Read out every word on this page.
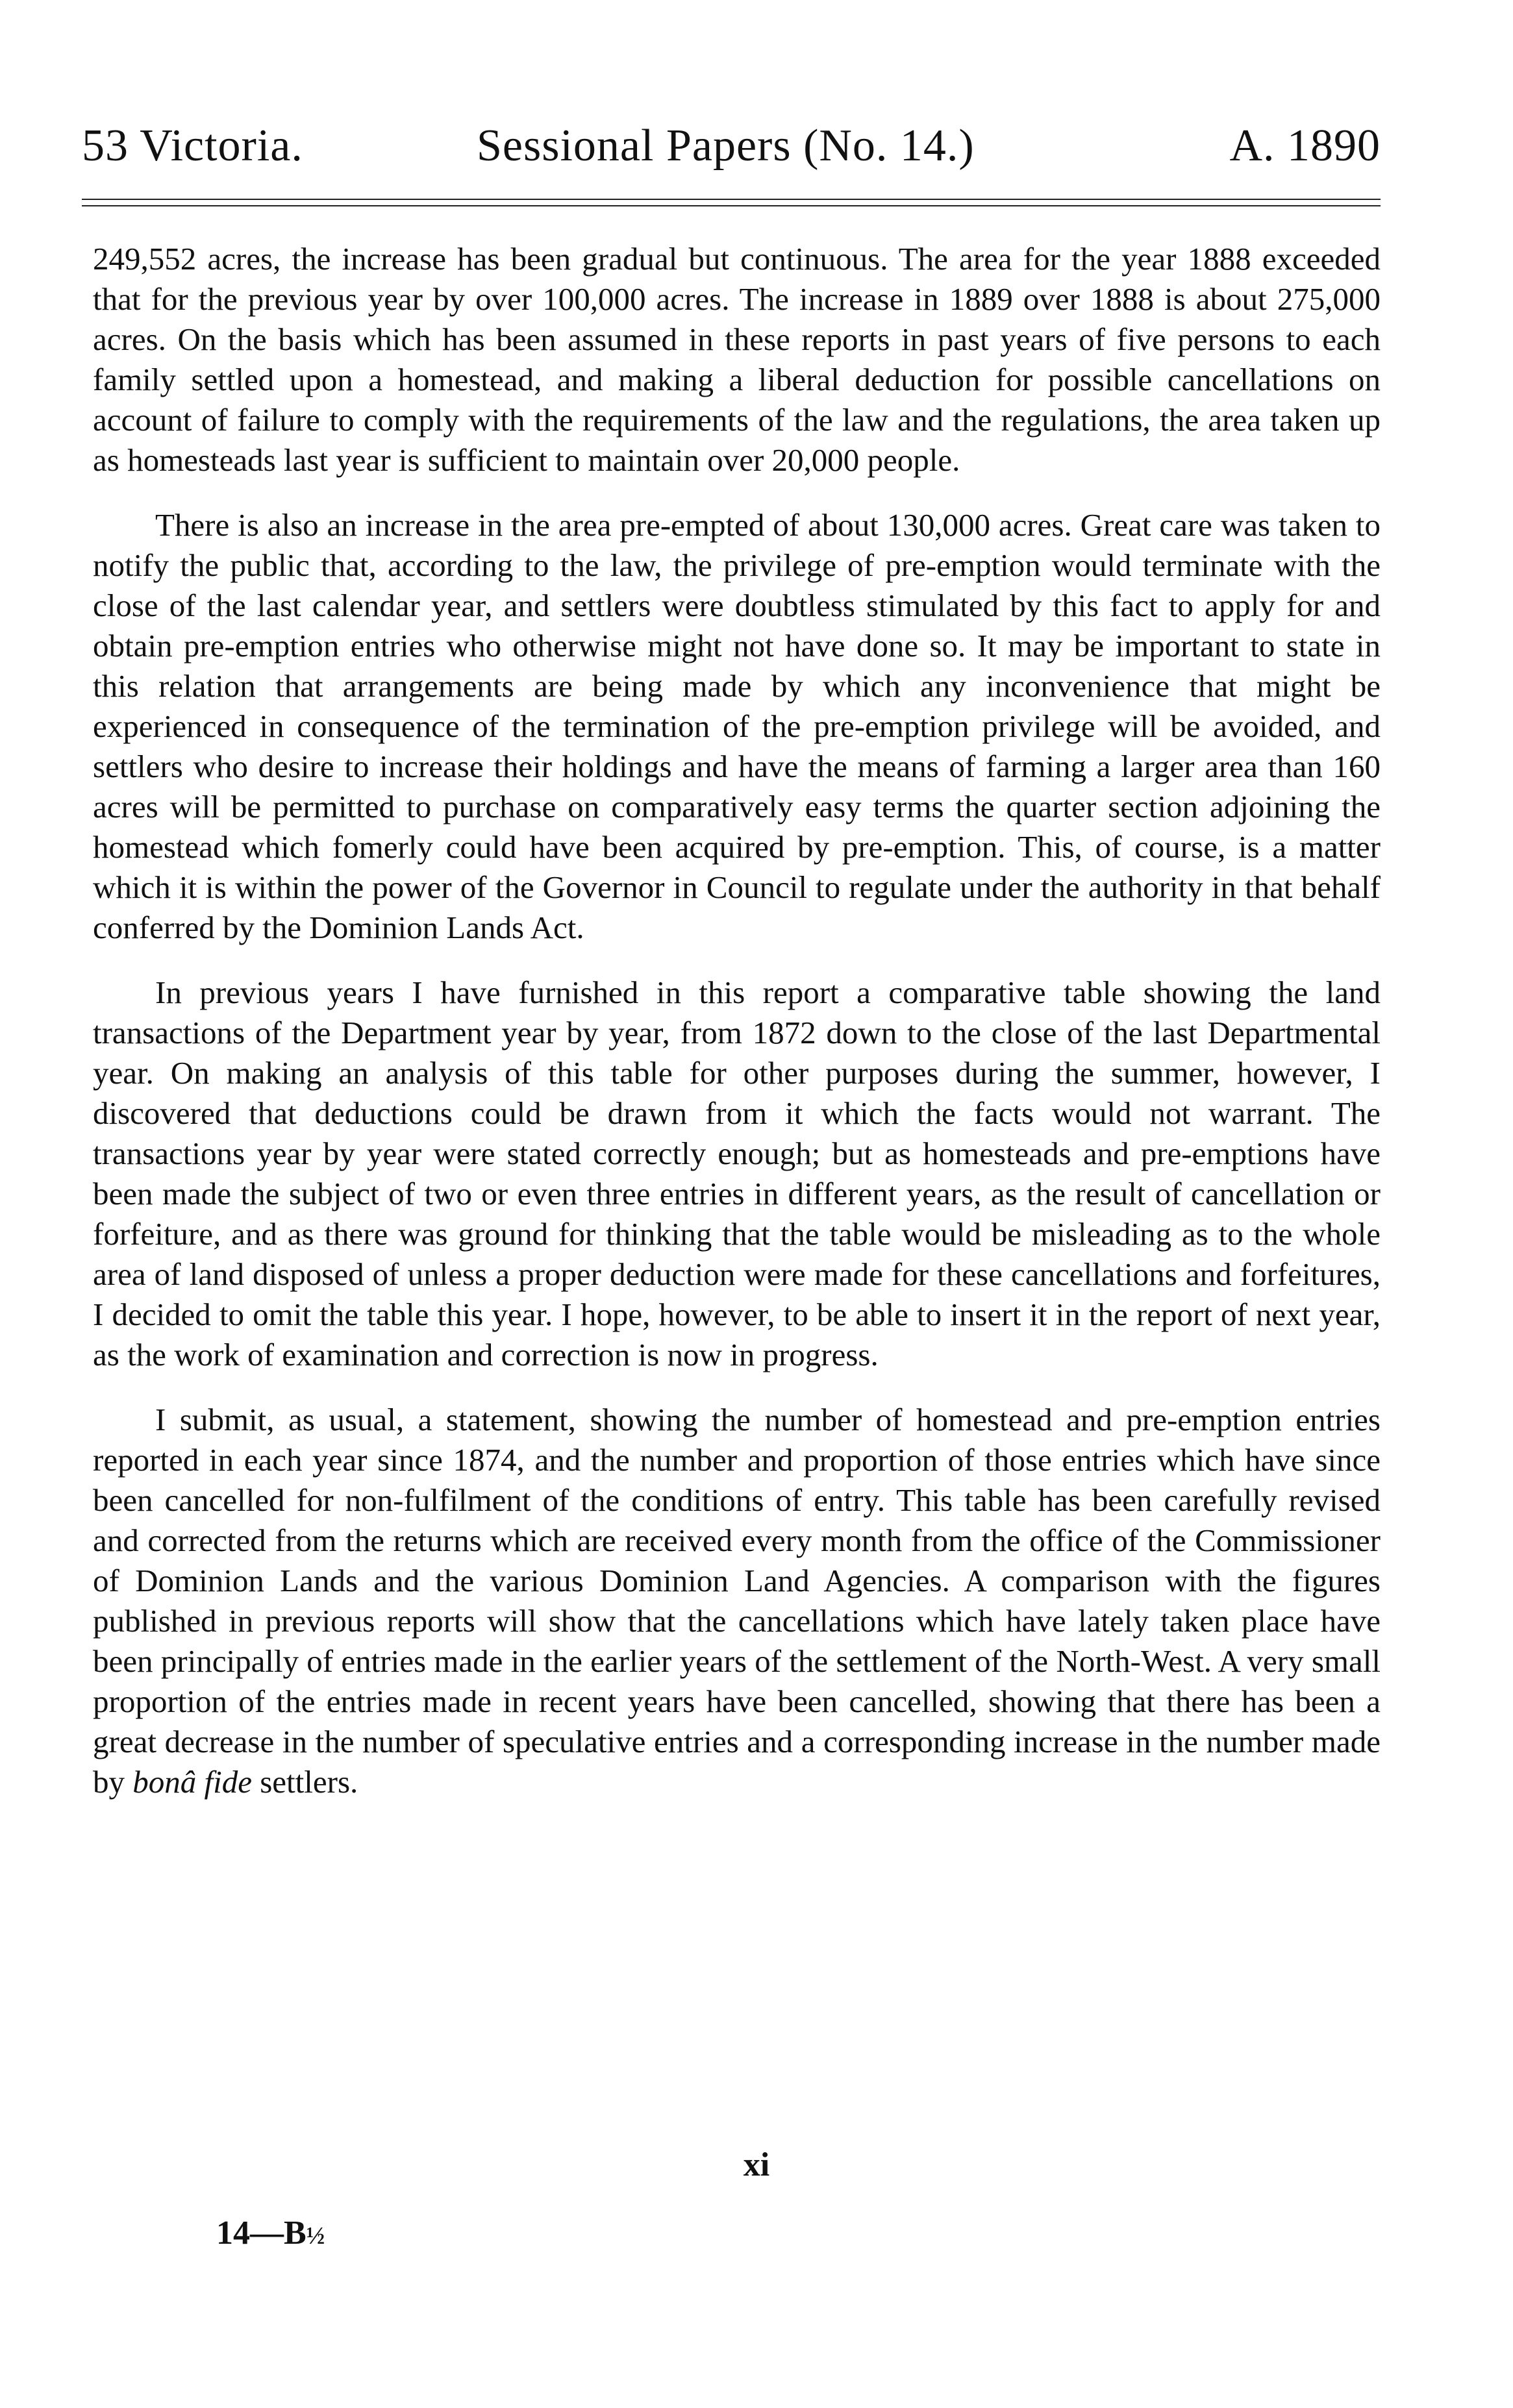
53 Victoria.	Sessional Papers (No. 14.)	A. 1890

249,552 acres, the increase has been gradual but continuous. The area for the year 1888 exceeded that for the previous year by over 100,000 acres. The increase in 1889 over 1888 is about 275,000 acres. On the basis which has been assumed in these reports in past years of five persons to each family settled upon a homestead, and making a liberal deduction for possible cancellations on account of failure to comply with the requirements of the law and the regulations, the area taken up as homesteads last year is sufficient to maintain over 20,000 people.

There is also an increase in the area pre-empted of about 130,000 acres. Great care was taken to notify the public that, according to the law, the privilege of pre-emption would terminate with the close of the last calendar year, and settlers were doubtless stimulated by this fact to apply for and obtain pre-emption entries who otherwise might not have done so. It may be important to state in this relation that arrangements are being made by which any inconvenience that might be experienced in consequence of the termination of the pre-emption privilege will be avoided, and settlers who desire to increase their holdings and have the means of farming a larger area than 160 acres will be permitted to purchase on comparatively easy terms the quarter section adjoining the homestead which fomerly could have been acquired by pre-emption. This, of course, is a matter which it is within the power of the Governor in Council to regulate under the authority in that behalf conferred by the Dominion Lands Act.

In previous years I have furnished in this report a comparative table showing the land transactions of the Department year by year, from 1872 down to the close of the last Departmental year. On making an analysis of this table for other purposes during the summer, however, I discovered that deductions could be drawn from it which the facts would not warrant. The transactions year by year were stated correctly enough; but as homesteads and pre-emptions have been made the subject of two or even three entries in different years, as the result of cancellation or forfeiture, and as there was ground for thinking that the table would be misleading as to the whole area of land disposed of unless a proper deduction were made for these cancellations and forfeitures, I decided to omit the table this year. I hope, however, to be able to insert it in the report of next year, as the work of examination and correction is now in progress.

I submit, as usual, a statement, showing the number of homestead and pre-emption entries reported in each year since 1874, and the number and proportion of those entries which have since been cancelled for non-fulfilment of the conditions of entry. This table has been carefully revised and corrected from the returns which are received every month from the office of the Commissioner of Dominion Lands and the various Dominion Land Agencies. A comparison with the figures published in previous reports will show that the cancellations which have lately taken place have been principally of entries made in the earlier years of the settlement of the North-West. A very small proportion of the entries made in recent years have been cancelled, showing that there has been a great decrease in the number of speculative entries and a corresponding increase in the number made by bonâ fide settlers.

xi
14—B½
